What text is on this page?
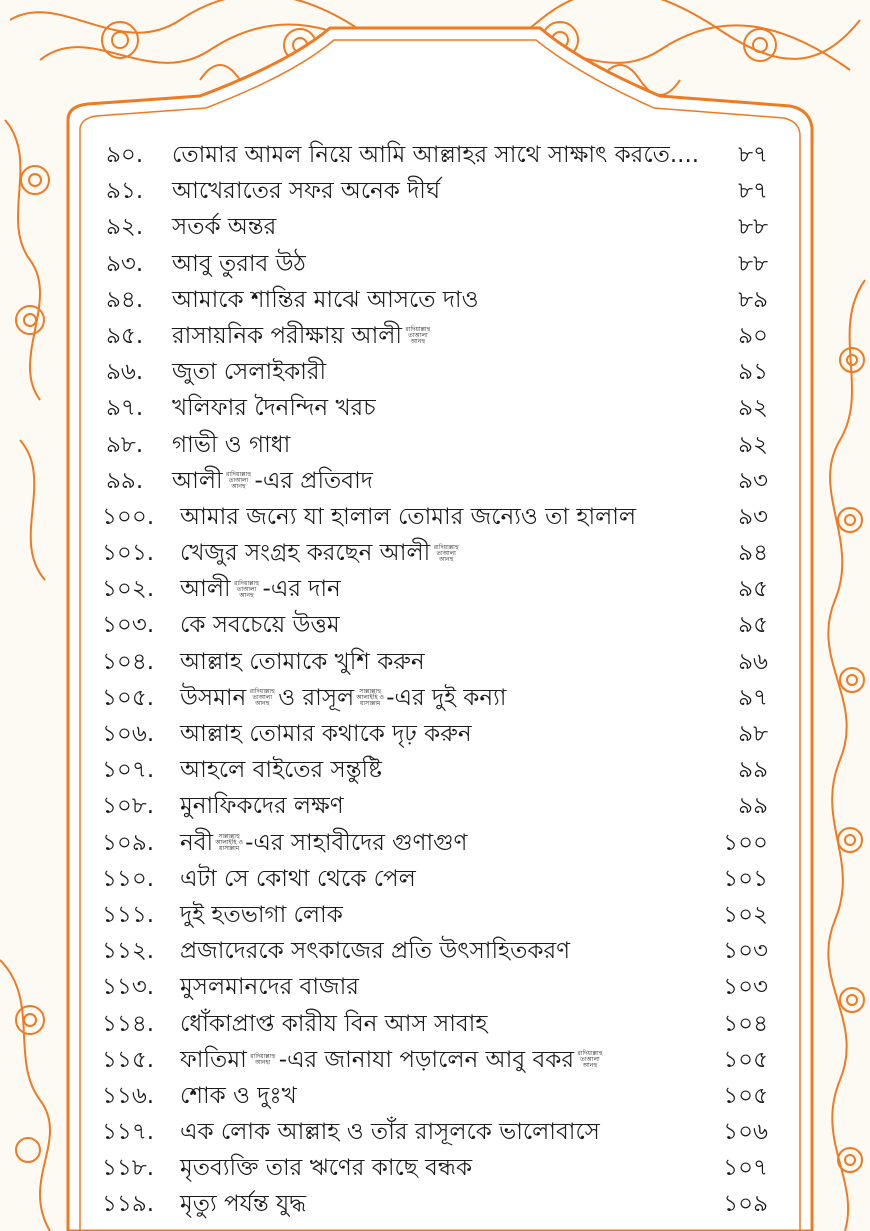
৯০. তোমার আমল নিয়ে আমি আল্লাহর সাথে সাক্ষাৎ করতে.... ৮৭
৯১. আখেরাতের সফর অনেক দীর্ঘ	৮৭
৯২. সতর্ক অন্তর	৮৮
৯৩. আবু তুরাব উঠ	৮৮
৯৪. আমাকে শান্তির মাঝে আসতে দাও	৮৯
৯৫. রাসায়নিক পরীক্ষায় আলী রাদিয়াল্লাহু তাআলা আনহু	৯০
৯৬. জুতা সেলাইকারী	৯১
৯৭. খলিফার দৈনন্দিন খরচ	৯২
৯৮. গাভী ও গাধা	৯২
৯৯. আলী রাদিয়াল্লাহু তাআলা আনহু -এর প্রতিবাদ	৯৩
১০০. আমার জন্যে যা হালাল তোমার জন্যেও তা হালাল	৯৩
১০১. খেজুর সংগ্রহ করছেন আলী রাদিয়াল্লাহু তাআলা আনহু	৯৪
১০২. আলী রাদিয়াল্লাহু তাআলা আনহু -এর দান	৯৫
১০৩. কে সবচেয়ে উত্তম	৯৫
১০৪. আল্লাহ তোমাকে খুশি করুন	৯৬
১০৫. উসমান রাদিয়াল্লাহু তাআলা আনহু ও রাসূল সাল্লাল্লাহু আলাইহি ওয়াসাল্লাম -এর দুই কন্যা	৯৭
১০৬. আল্লাহ তোমার কথাকে দৃঢ় করুন	৯৮
১০৭. আহলে বাইতের সন্তুষ্টি	৯৯
১০৮. মুনাফিকদের লক্ষণ	৯৯
১০৯. নবী সাল্লাল্লাহু আলাইহি ওয়াসাল্লাম -এর সাহাবীদের গুণাগুণ	১০০
১১০. এটা সে কোথা থেকে পেল	১০১
১১১. দুই হতভাগা লোক	১০২
১১২. প্রজাদেরকে সৎকাজের প্রতি উৎসাহিতকরণ	১০৩
১১৩. মুসলমানদের বাজার	১০৩
১১৪. ধোঁকাপ্রাপ্ত কারীয বিন আস সাবাহ	১০৪
১১৫. ফাতিমা রাদিয়াল্লাহু আনহা -এর জানাযা পড়ালেন আবু বকর রাদিয়াল্লাহু তাআলা আনহু	১০৫
১১৬. শোক ও দুঃখ	১০৫
১১৭. এক লোক আল্লাহ ও তাঁর রাসূলকে ভালোবাসে	১০৬
১১৮. মৃতব্যক্তি তার ঋণের কাছে বন্ধক	১০৭
১১৯. মৃত্যু পর্যন্ত যুদ্ধ	১০৯
